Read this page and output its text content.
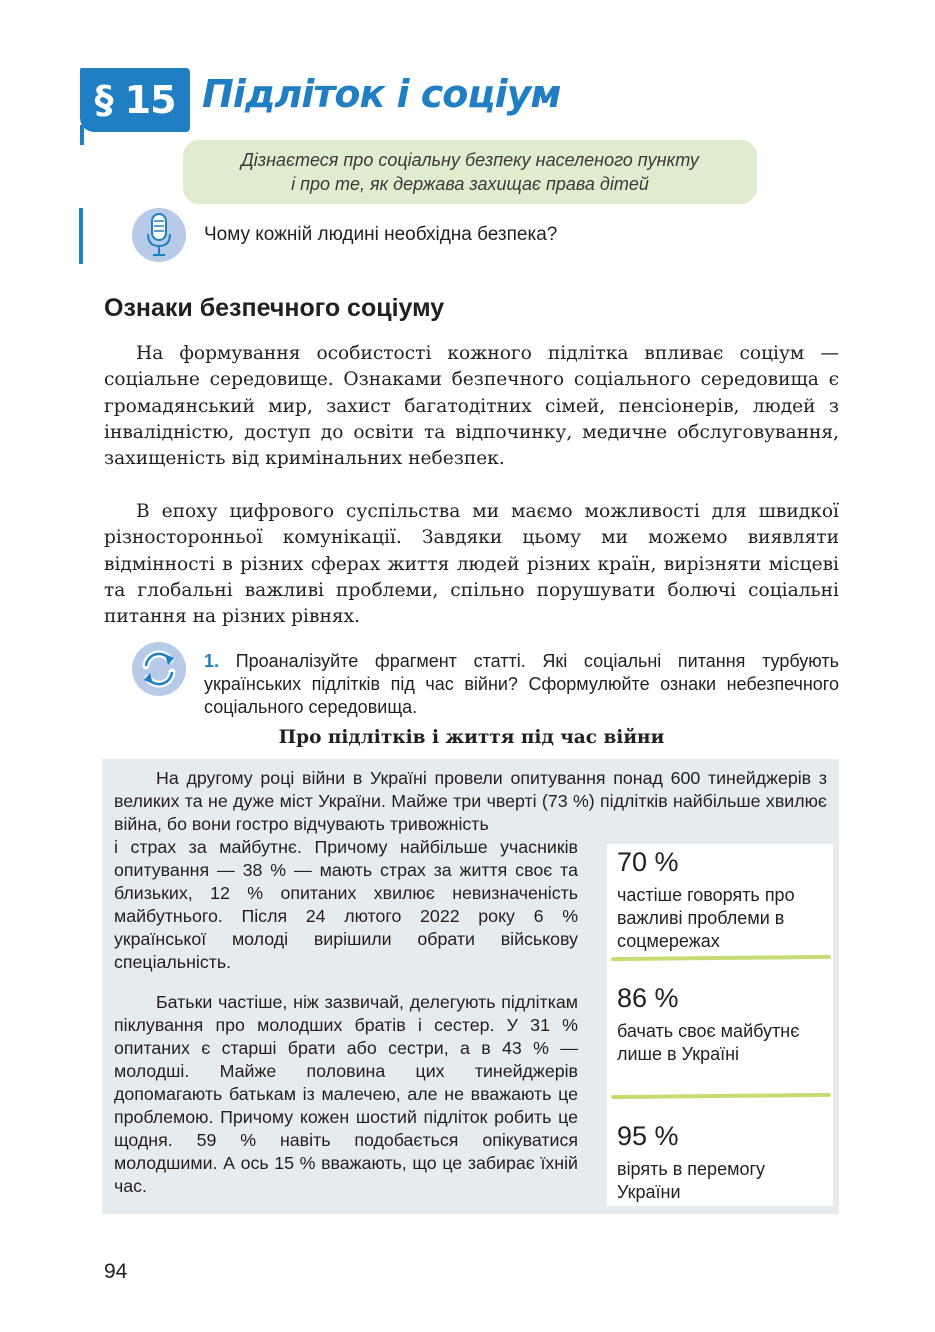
§ 15 Підліток і соціум
Дізнаєтеся про соціальну безпеку населеного пункту
і про те, як держава захищає права дітей
Чому кожній людині необхідна безпека?
Ознаки безпечного соціуму

На формування особистості кожного підлітка впливає соціум — соціальне середовище. Ознаками безпечного соціального середовища є громадянський мир, захист багатодітних сімей, пенсіонерів, людей з інвалідністю, доступ до освіти та відпочинку, медичне обслуговування, захищеність від кримінальних небезпек.

В епоху цифрового суспільства ми маємо можливості для швидкої різносторонньої комунікації. Завдяки цьому ми можемо виявляти відмінності в різних сферах життя людей різних країн, вирізняти місцеві та глобальні важливі проблеми, спільно порушувати болючі соціальні питання на різних рівнях.

1. Проаналізуйте фрагмент статті. Які соціальні питання турбують українських підлітків під час війни? Сформулюйте ознаки небезпечного соціального середовища.
Про підлітків і життя під час війни

На другому році війни в Україні провели опитування понад 600 тинейджерів з великих та не дуже міст України. Майже три чверті (73 %) підлітків найбільше хвилює війна, бо вони гостро відчувають тривожність

і страх за майбутнє. Причому найбільше учасників опитування — 38 % — мають страх за життя своє та близьких, 12 % опитаних хвилює невизначеність майбутнього. Після 24 лютого 2022 року 6 % української молоді вирішили обрати військову спеціальність.

Батьки частіше, ніж зазвичай, делегують підліткам піклування про молодших братів і сестер. У 31 % опитаних є старші брати або сестри, а в 43 % — молодші. Майже половина цих тинейджерів допомагають батькам із малечею, але не вважають це проблемою. Причому кожен шостий підліток робить це щодня. 59 % навіть подобається опікуватися молодшими. А ось 15 % вважають, що це забирає їхній час.

70 %
частіше говорять про важливі проблеми в соцмережах
86 %
бачать своє майбутнє лише в Україні
95 %
вірять в перемогу України
94
